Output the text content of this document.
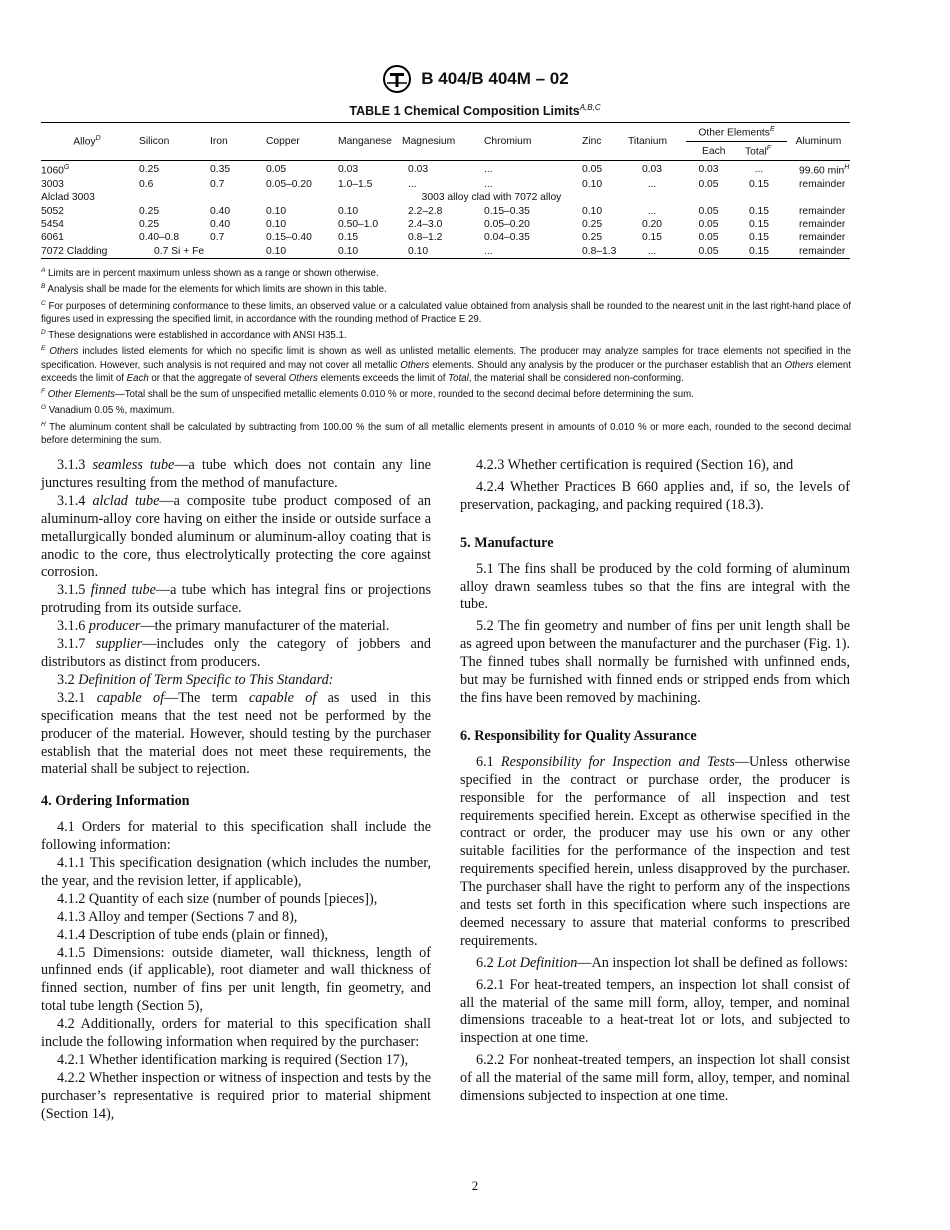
B 404/B 404M – 02
TABLE 1 Chemical Composition Limits$^{A,B,C}$
Alloy$^D$	Silicon	Iron	Copper	Manganese	Magnesium	Chromium	Zinc	Titanium	Other Elements$^E$		Aluminum
									Each	Total$^F$
$1060^G$	0.25	0.35	0.05	0.03	0.03	...	0.05	0.03	0.03	...	99.60 $\min^H$
3003	0.6	0.7	0.05–0.20	1.0–1.5	...	...	0.10	...	0.05	0.15	remainder
Alclad 3003	3003 alloy clad with 7072 alloy										
5052	0.25	0.40	0.10	0.10	2.2–2.8	0.15–0.35	0.10	...	0.05	0.15	remainder
5454	0.25	0.40	0.10	0.50–1.0	2.4–3.0	0.05–0.20	0.25	0.20	0.05	0.15	remainder
6061	0.40–0.8	0.7	0.15–0.40	0.15	0.8–1.2	0.04–0.35	0.25	0.15	0.05	0.15	remainder
7072 Cladding	0.7 Si + Fe		0.10	0.10	0.10	...	0.8–1.3	...	0.05	0.15	remainder

$^A$ Limits are in percent maximum unless shown as a range or shown otherwise.

$^B$ Analysis shall be made for the elements for which limits are shown in this table.

$^C$ For purposes of determining conformance to these limits, an observed value or a calculated value obtained from analysis shall be rounded to the nearest unit in the last right-hand place of figures used in expressing the specified limit, in accordance with the rounding method of Practice E 29.

$^D$ These designations were established in accordance with ANSI H35.1.

$^E$ Others includes listed elements for which no specific limit is shown as well as unlisted metallic elements. The producer may analyze samples for trace elements not specified in the specification. However, such analysis is not required and may not cover all metallic Others elements. Should any analysis by the producer or the purchaser establish that an Others element exceeds the limit of Each or that the aggregate of several Others elements exceeds the limit of Total, the material shall be considered non-conforming.

$^F$ Other Elements—Total shall be the sum of unspecified metallic elements 0.010 % or more, rounded to the second decimal before determining the sum.

$^G$ Vanadium 0.05 %, maximum.

$^H$ The aluminum content shall be calculated by subtracting from 100.00 % the sum of all metallic elements present in amounts of 0.010 % or more each, rounded to the second decimal before determining the sum.

3.1.3 seamless tube—a tube which does not contain any line junctures resulting from the method of manufacture.

3.1.4 alclad tube—a composite tube product composed of an aluminum-alloy core having on either the inside or outside surface a metallurgically bonded aluminum or aluminum-alloy coating that is anodic to the core, thus electrolytically protecting the core against corrosion.

3.1.5 finned tube—a tube which has integral fins or projections protruding from its outside surface.

3.1.6 producer—the primary manufacturer of the material.

3.1.7 supplier—includes only the category of jobbers and distributors as distinct from producers.

3.2 Definition of Term Specific to This Standard:

3.2.1 capable of—The term capable of as used in this specification means that the test need not be performed by the producer of the material. However, should testing by the purchaser establish that the material does not meet these requirements, the material shall be subject to rejection.

4. Ordering Information

4.1 Orders for material to this specification shall include the following information:

4.1.1 This specification designation (which includes the number, the year, and the revision letter, if applicable),

4.1.2 Quantity of each size (number of pounds [pieces]),

4.1.3 Alloy and temper (Sections 7 and 8),

4.1.4 Description of tube ends (plain or finned),

4.1.5 Dimensions: outside diameter, wall thickness, length of unfinned ends (if applicable), root diameter and wall thickness of finned section, number of fins per unit length, fin geometry, and total tube length (Section 5),

4.2 Additionally, orders for material to this specification shall include the following information when required by the purchaser:

4.2.1 Whether identification marking is required (Section 17),

4.2.2 Whether inspection or witness of inspection and tests by the purchaser’s representative is required prior to material shipment (Section 14),

4.2.3 Whether certification is required (Section 16), and

4.2.4 Whether Practices B 660 applies and, if so, the levels of preservation, packaging, and packing required (18.3).

5. Manufacture

5.1 The fins shall be produced by the cold forming of aluminum alloy drawn seamless tubes so that the fins are integral with the tube.

5.2 The fin geometry and number of fins per unit length shall be as agreed upon between the manufacturer and the purchaser (Fig. 1). The finned tubes shall normally be furnished with unfinned ends, but may be furnished with finned ends or stripped ends from which the fins have been removed by machining.

6. Responsibility for Quality Assurance

6.1 Responsibility for Inspection and Tests—Unless otherwise specified in the contract or purchase order, the producer is responsible for the performance of all inspection and test requirements specified herein. Except as otherwise specified in the contract or order, the producer may use his own or any other suitable facilities for the performance of the inspection and test requirements specified herein, unless disapproved by the purchaser. The purchaser shall have the right to perform any of the inspections and tests set forth in this specification where such inspections are deemed necessary to assure that material conforms to prescribed requirements.

6.2 Lot Definition—An inspection lot shall be defined as follows:

6.2.1 For heat-treated tempers, an inspection lot shall consist of all the material of the same mill form, alloy, temper, and nominal dimensions traceable to a heat-treat lot or lots, and subjected to inspection at one time.

6.2.2 For nonheat-treated tempers, an inspection lot shall consist of all the material of the same mill form, alloy, temper, and nominal dimensions subjected to inspection at one time.

2
